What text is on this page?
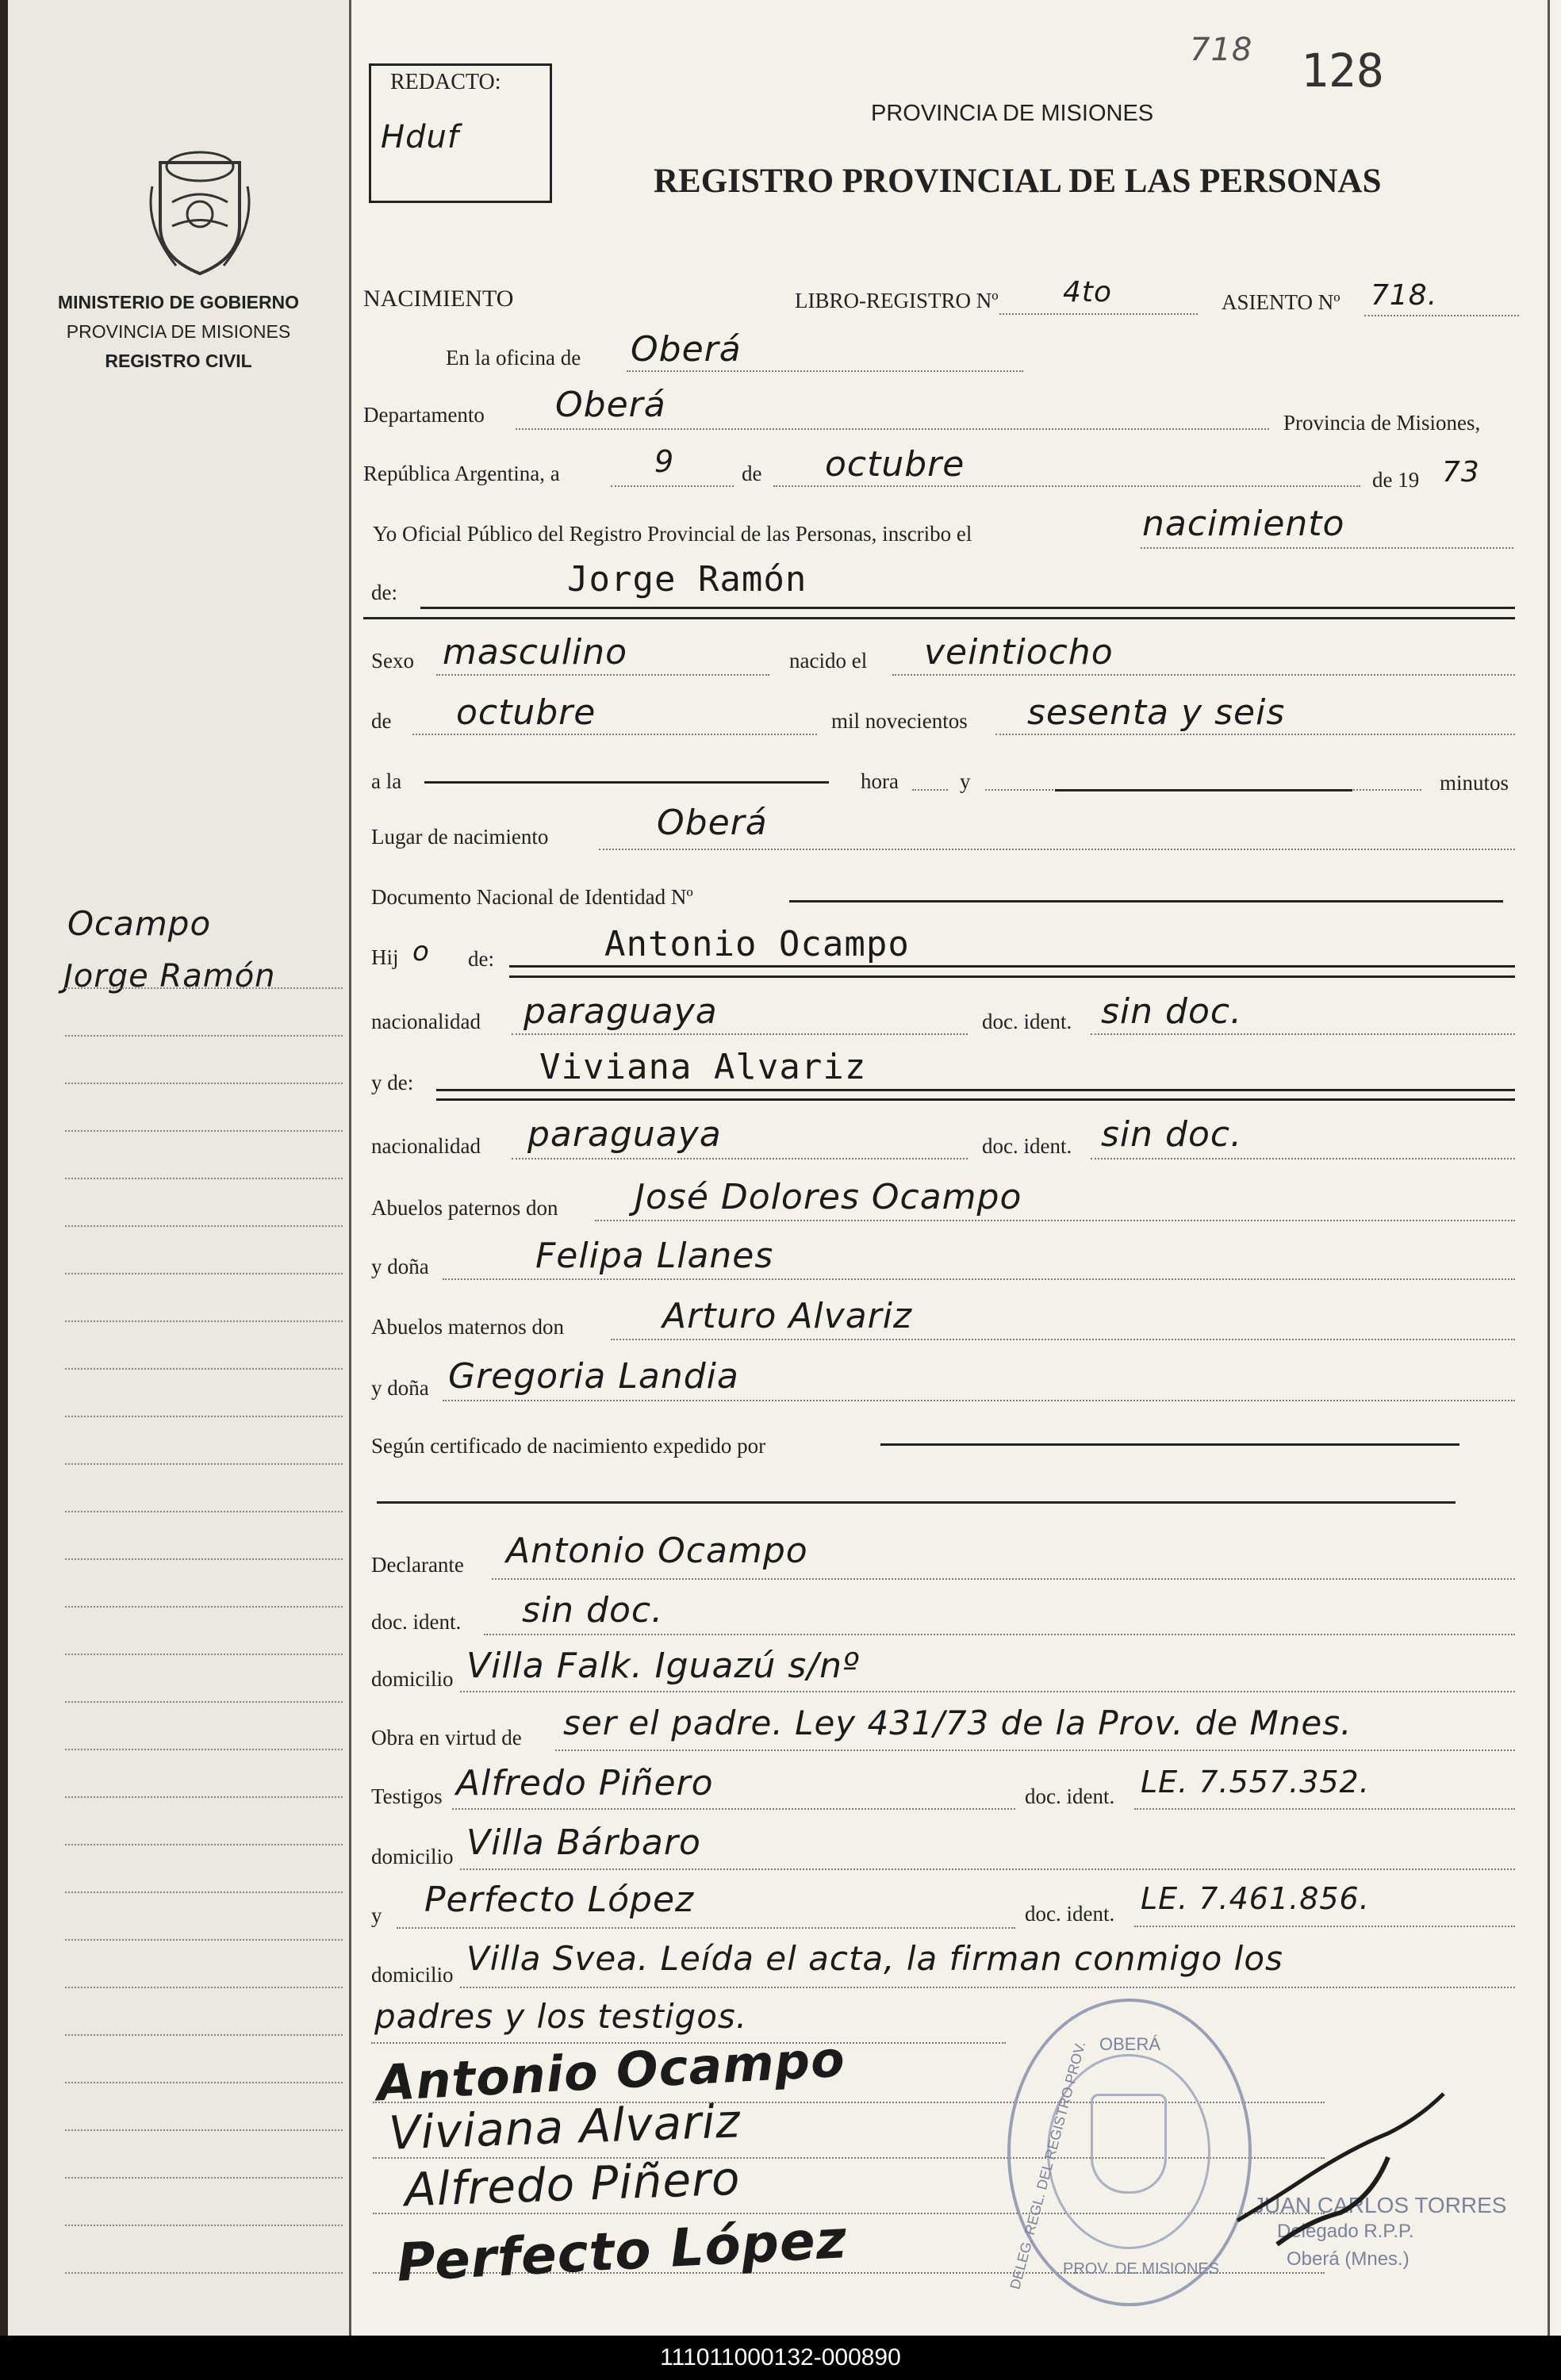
MINISTERIO DE GOBIERNO
PROVINCIA DE MISIONES
REGISTRO CIVIL
Ocampo
Jorge Ramón
REDACTO:
Hduf
718 128
PROVINCIA DE MISIONES
REGISTRO PROVINCIAL DE LAS PERSONAS
NACIMIENTO	LIBRO-REGISTRO Nº 4to	ASIENTO Nº 718.
En la oficina de Oberá
Departamento Oberá	Provincia de Misiones,
República Argentina, a	9	de octubre	de 19 73
Yo Oficial Público del Registro Provincial de las Personas, inscribo el	nacimiento
de:	Jorge Ramón
Sexo masculino	nacido el veintiocho
de octubre	mil novecientos sesenta y seis
a la	hora	y	minutos
Lugar de nacimiento	Oberá
Documento Nacional de Identidad Nº
Hij o de:	Antonio Ocampo
nacionalidad paraguaya	doc. ident. sin doc.
y de:	Viviana Alvariz
nacionalidad paraguaya	doc. ident. sin doc.
Abuelos paternos don José Dolores Ocampo
y doña	Felipa Llanes
Abuelos maternos don	Arturo Alvariz
y doña Gregoria Landia
Según certificado de nacimiento expedido por
Declarante Antonio Ocampo
doc. ident. sin doc.
domicilio Villa Falk. Iguazú s/nº
Obra en virtud de ser el padre. Ley 431/73 de la Prov. de Mnes.
Testigos Alfredo Piñero	doc. ident. LE. 7.557.352.
domicilio Villa Bárbaro
y Perfecto López	doc. ident. LE. 7.461.856.
domicilio Villa Svea. Leída el acta, la firman conmigo los
padres y los testigos.
Antonio Ocampo
Viviana Alvariz
Alfredo Piñero
Perfecto López
OBERÁ
DELEG. REGL. DEL REGISTRO PROV.
PROV. DE MISIONES
JUAN CARLOS TORRES
Delegado R.P.P.
Oberá (Mnes.)
111011000132-000890
